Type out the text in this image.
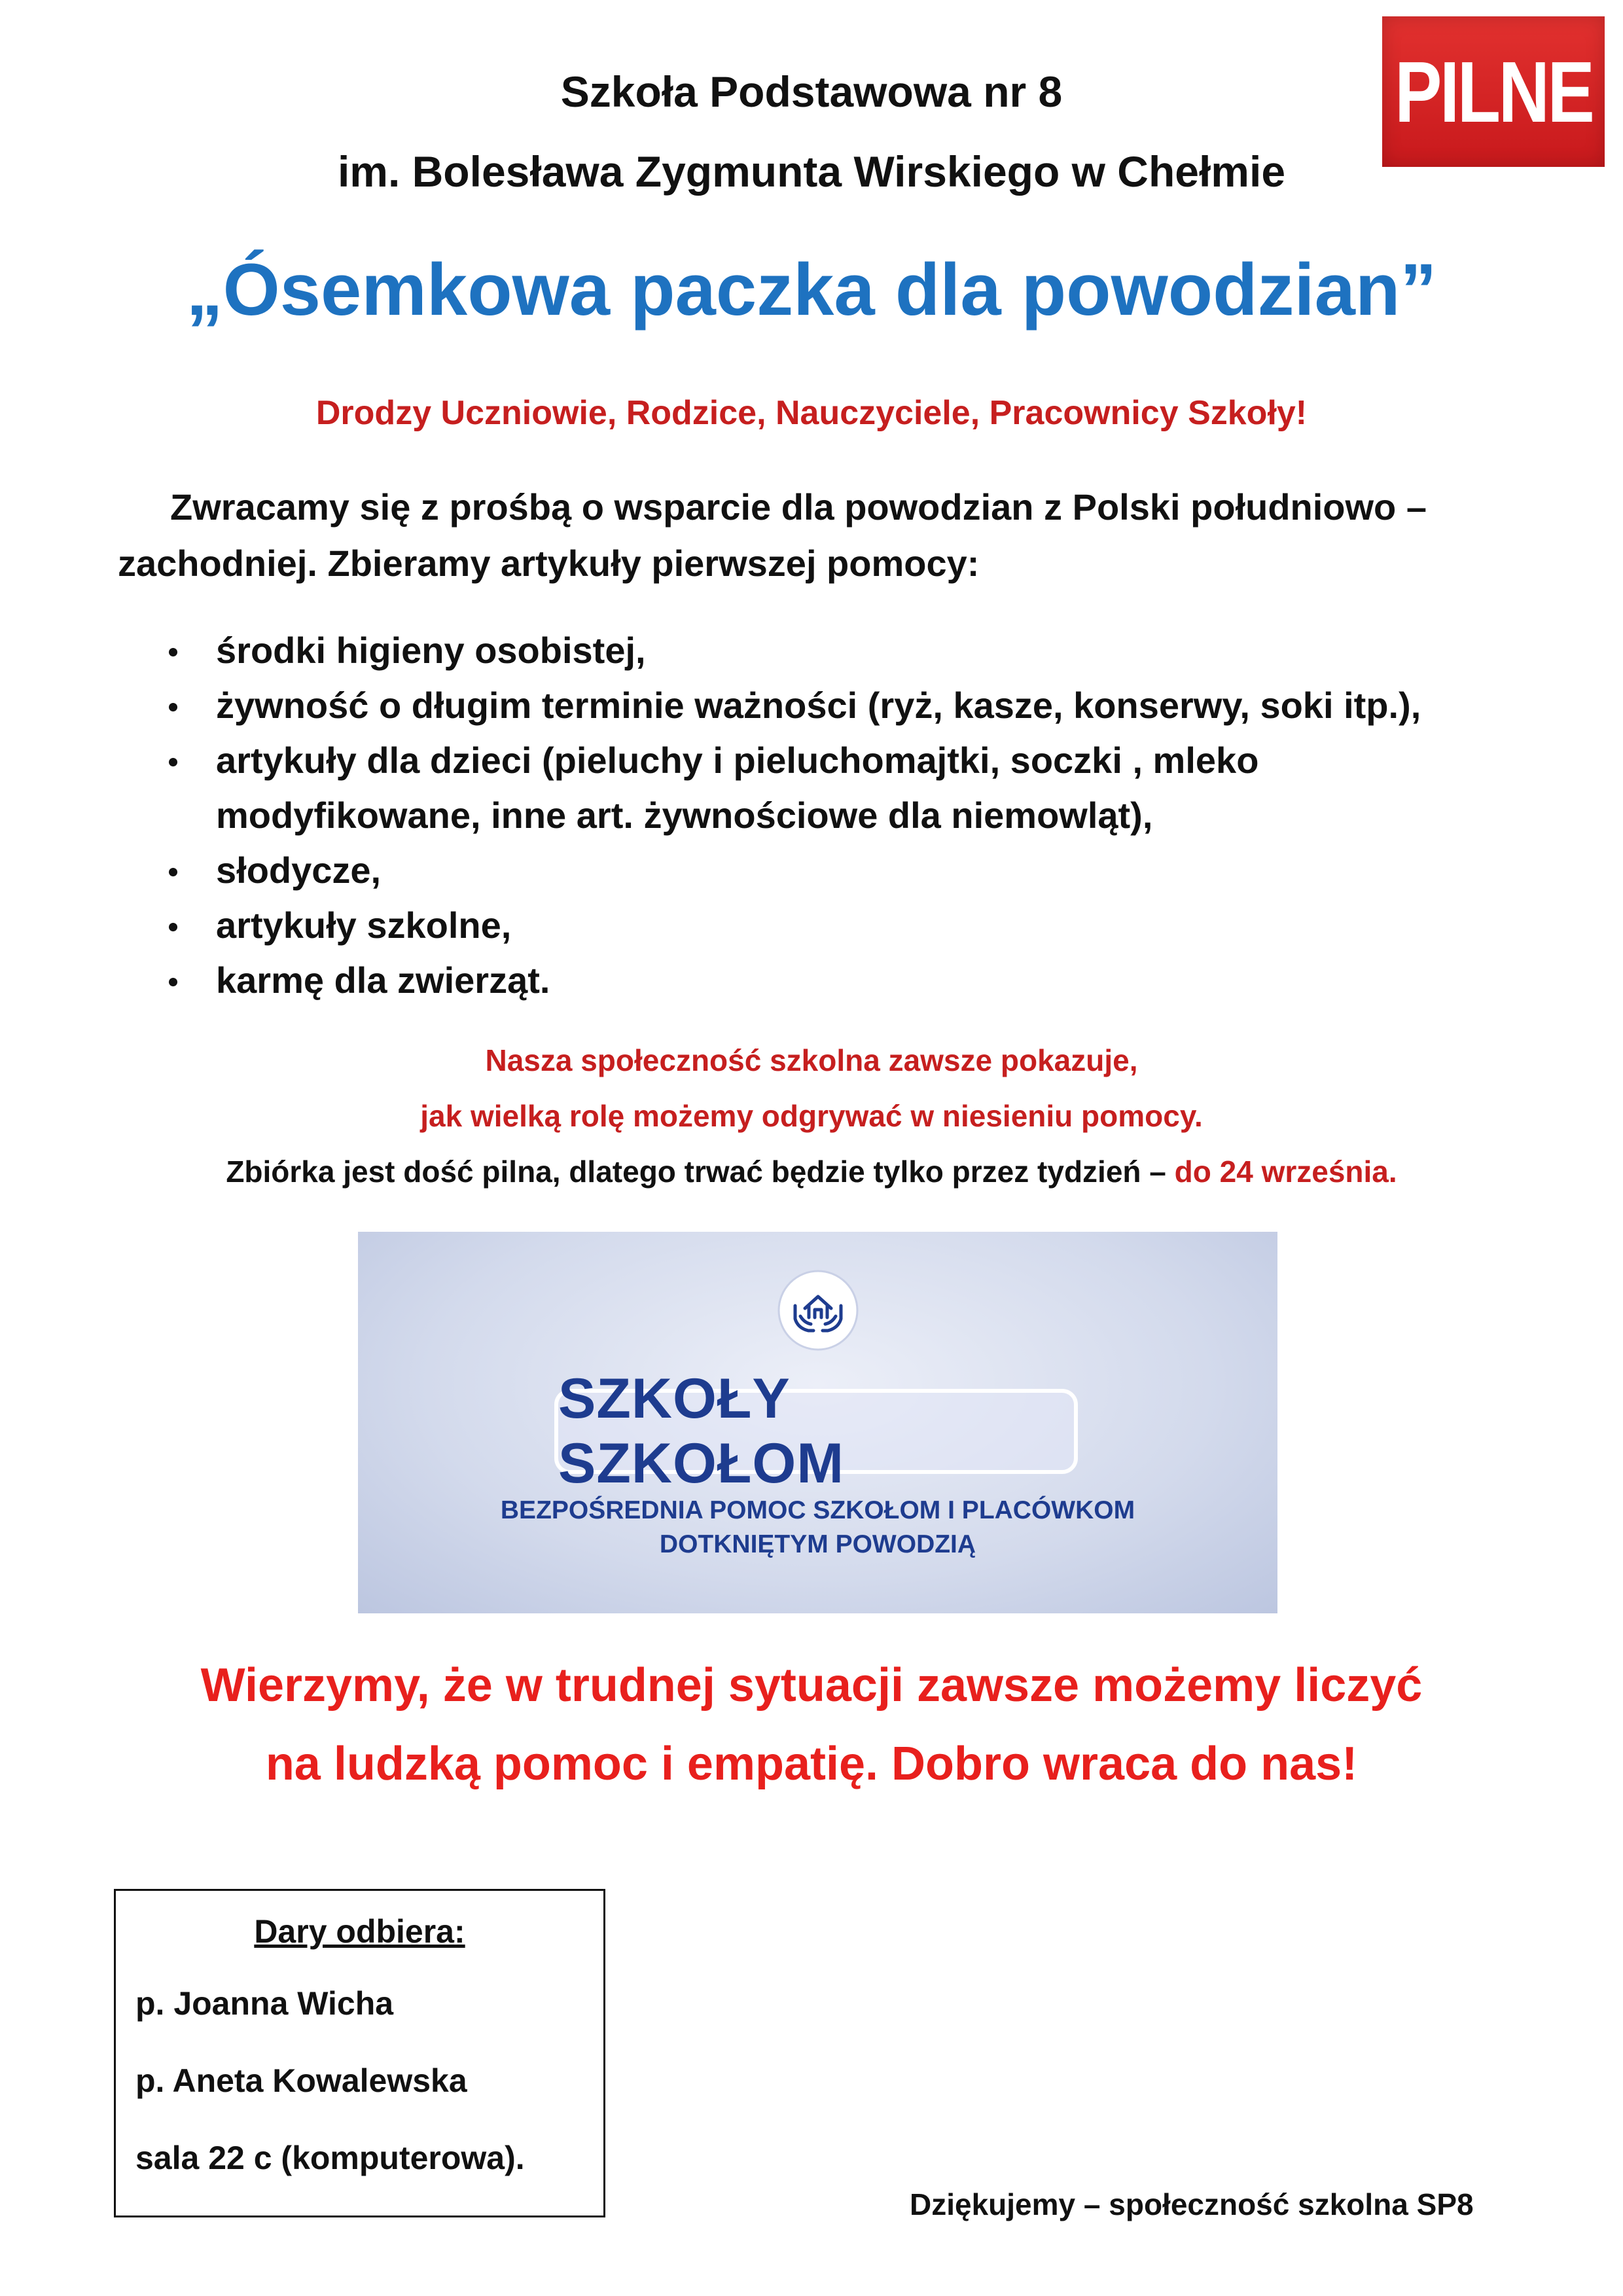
PILNE
Szkoła Podstawowa nr 8
im. Bolesława Zygmunta Wirskiego w Chełmie
„Ósemkowa paczka dla powodzian”
Drodzy Uczniowie, Rodzice, Nauczyciele, Pracownicy Szkoły!
Zwracamy się z prośbą o wsparcie dla powodzian z Polski południowo –
zachodniej. Zbieramy artykuły pierwszej pomocy:
środki higieny osobistej,
żywność o długim terminie ważności (ryż, kasze, konserwy, soki itp.),
artykuły dla dzieci (pieluchy i pieluchomajtki, soczki , mleko
modyfikowane, inne art. żywnościowe dla niemowląt),
słodycze,
artykuły szkolne,
karmę dla zwierząt.
Nasza społeczność szkolna zawsze pokazuje,
jak wielką rolę możemy odgrywać w niesieniu pomocy.
Zbiórka jest dość pilna, dlatego trwać będzie tylko przez tydzień – do 24 września.
SZKOŁY SZKOŁOM
BEZPOŚREDNIA POMOC SZKOŁOM I PLACÓWKOM
DOTKNIĘTYM POWODZIĄ
Wierzymy, że w trudnej sytuacji zawsze możemy liczyć
na ludzką pomoc i empatię. Dobro wraca do nas!
Dary odbiera:
p. Joanna Wicha
p. Aneta Kowalewska
sala 22 c (komputerowa).
Dziękujemy – społeczność szkolna SP8
